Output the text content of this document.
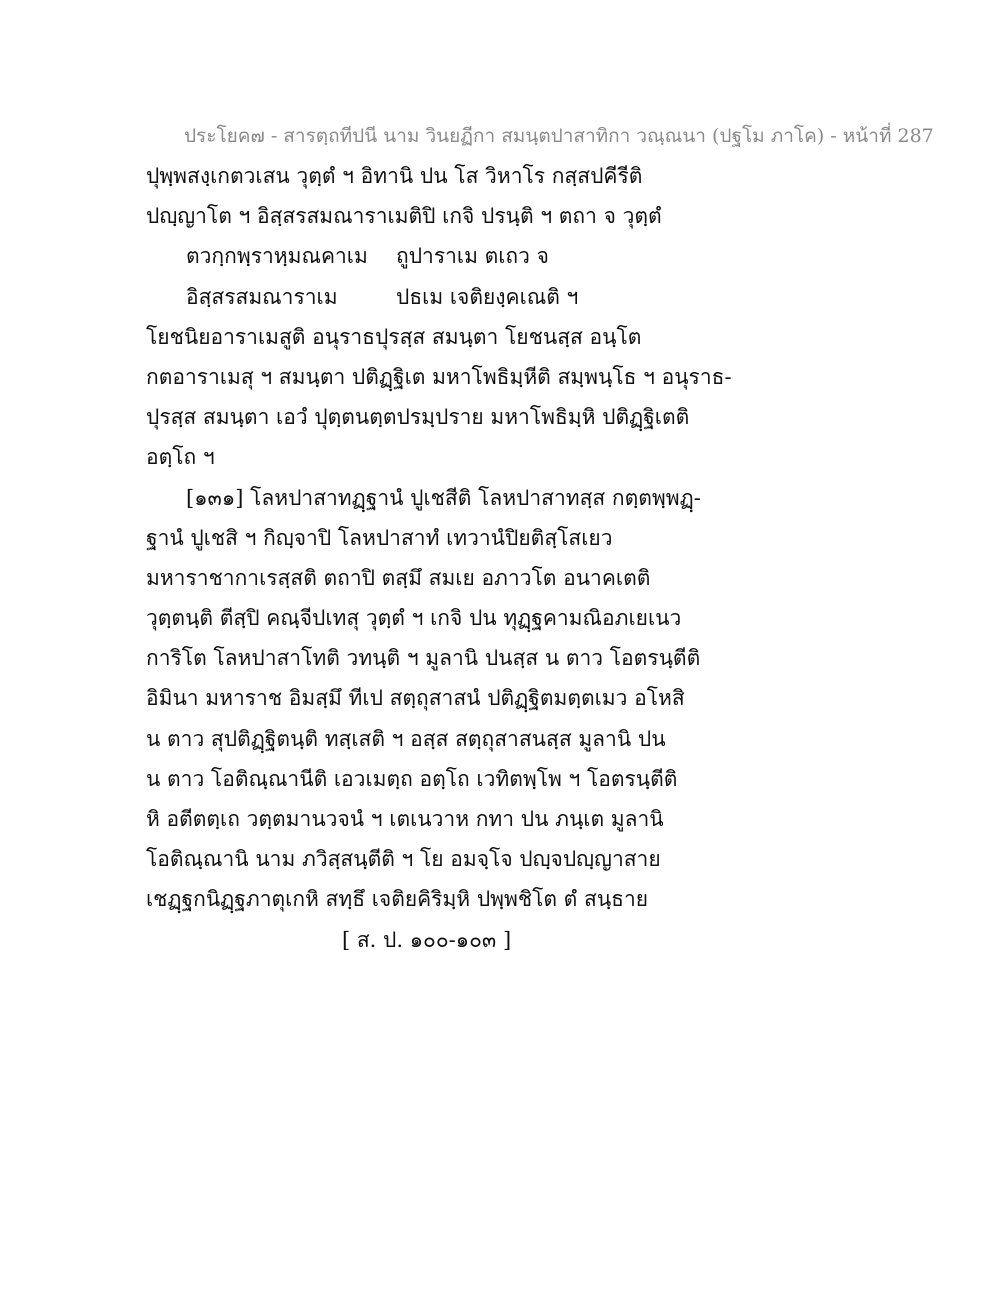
ประโยค๗ - สารตฺถทีปนี นาม วินยฏีกา สมนฺตปาสาทิกา วณฺณนา (ปฐโม ภาโค) - หน้าที่ 287
ปุพฺพสงฺเกตวเสน วุตฺตํ ฯ อิทานิ ปน โส วิหาโร กสฺสปคีรีติ
ปญฺญาโต ฯ อิสฺสรสมณาราเมติปิ เกจิ ปรนฺติ ฯ ตถา จ วุตฺตํ
ตวกฺกพฺราหฺมณคาเม	ถูปาราเม ตเถว จ
อิสฺสรสมณาราเม	ปธเม เจติยงฺคเณติ ฯ
โยชนิยอาราเมสูติ อนุราธปุรสฺส สมนฺตา โยชนสฺส อนฺโต
กตอาราเมสุ ฯ สมนฺตา ปติฏฺฐิเต มหาโพธิมฺหีติ สมฺพนฺโธ ฯ อนุราธ-
ปุรสฺส สมนฺตา เอวํ ปุตฺตนตฺตปรมฺปราย มหาโพธิมฺหิ ปติฏฺฐิเตติ
อตฺโถ ฯ
[๑๓๑] โลหปาสาทฏฺฐานํ ปูเชสีติ โลหปาสาทสฺส กตฺตพฺพฏฺ-
ฐานํ ปูเชสิ ฯ กิญฺจาปิ โลหปาสาทํ เทวานํปิยติสฺโสเยว
มหาราชากาเรสฺสติ ตถาปิ ตสฺมึ สมเย อภาวโต อนาคเตติ
วุตฺตนฺติ ตีสฺปิ คณฺจีปเทสุ วุตฺตํ ฯ เกจิ ปน ทุฏฺฐคามณิอภเยเนว
การิโต โลหปาสาโทติ วทนฺติ ฯ มูลานิ ปนสฺส น ตาว โอตรนฺตีติ
อิมินา มหาราช อิมสฺมึ ทีเป สตฺถุสาสนํ ปติฏฺฐิตมตฺตเมว อโหสิ
น ตาว สุปติฏฺฐิตนฺติ ทสฺเสติ ฯ อสฺส สตฺถุสาสนสฺส มูลานิ ปน
น ตาว โอติณฺณานีติ เอวเมตฺถ อตฺโถ เวทิตพฺโพ ฯ โอตรนฺตีติ
หิ อตีตตฺเถ วตฺตมานวจนํ ฯ เตเนวาห กทา ปน ภนฺเต มูลานิ
โอติณฺณานิ นาม ภวิสฺสนฺตีติ ฯ โย อมจฺโจ ปญฺจปญฺญาสาย
เชฏฺฐกนิฏฺฐภาตุเกหิ สทฺธึ เจติยคิริมฺหิ ปพฺพชิโต ตํ สนฺธาย
[ ส. ป. ๑๐๐-๑๐๓ ]
